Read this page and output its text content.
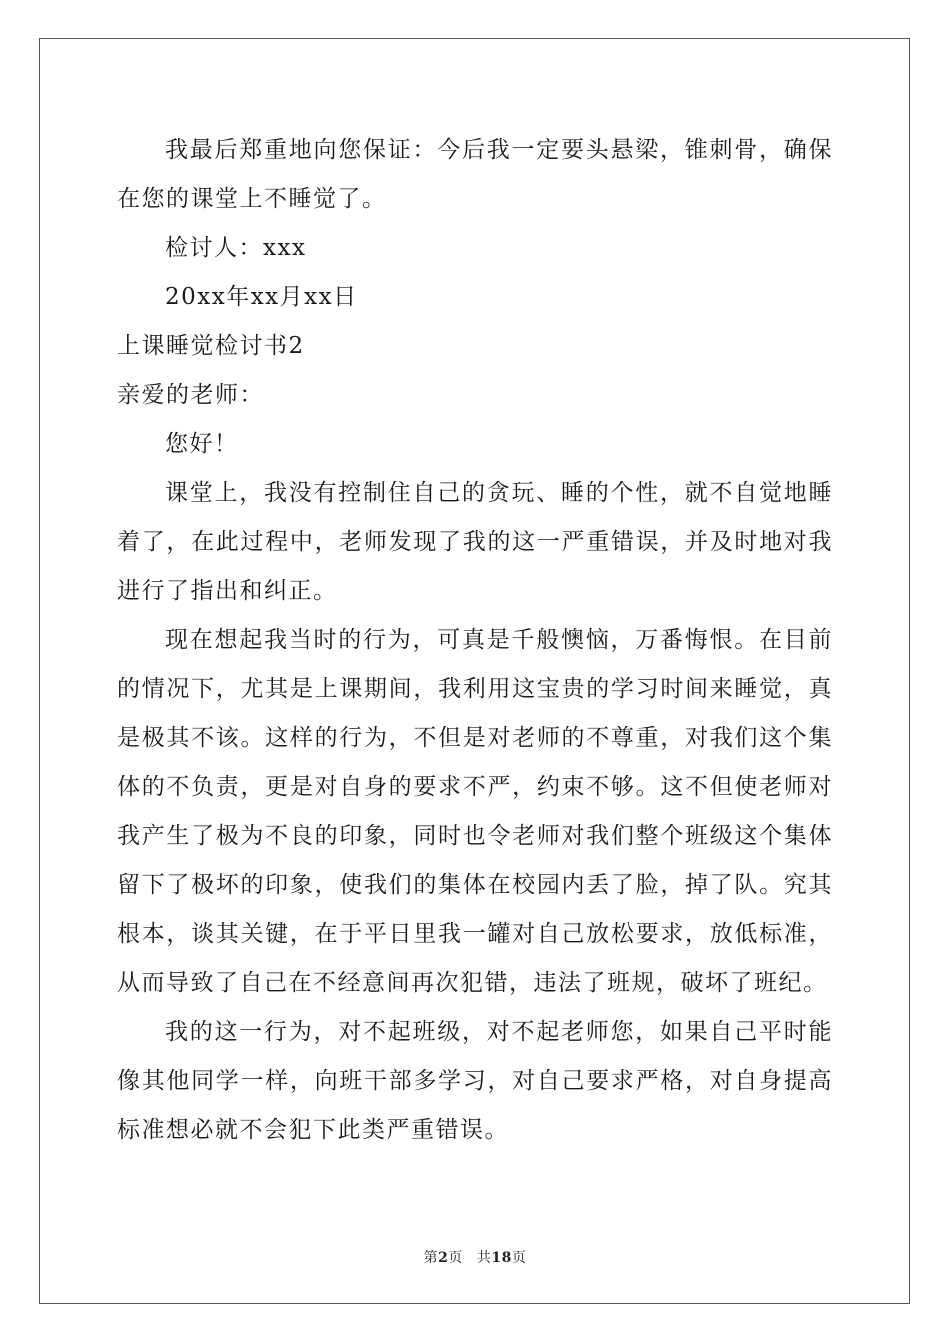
我最后郑重地向您保证：今后我一定要头悬梁，锥刺骨，确保在您的课堂上不睡觉了。

检讨人：xxx

20xx年xx月xx日

上课睡觉检讨书2

亲爱的老师：

您好！

课堂上，我没有控制住自己的贪玩、睡的个性，就不自觉地睡着了，在此过程中，老师发现了我的这一严重错误，并及时地对我进行了指出和纠正。

现在想起我当时的行为，可真是千般懊恼，万番悔恨。在目前的情况下，尤其是上课期间，我利用这宝贵的学习时间来睡觉，真是极其不该。这样的行为，不但是对老师的不尊重，对我们这个集体的不负责，更是对自身的要求不严，约束不够。这不但使老师对我产生了极为不良的印象，同时也令老师对我们整个班级这个集体留下了极坏的印象，使我们的集体在校园内丢了脸，掉了队。究其根本，谈其关键，在于平日里我一罐对自己放松要求，放低标准，从而导致了自己在不经意间再次犯错，违法了班规，破坏了班纪。

我的这一行为，对不起班级，对不起老师您，如果自己平时能像其他同学一样，向班干部多学习，对自己要求严格，对自身提高标准想必就不会犯下此类严重错误。

第2页 共18页
